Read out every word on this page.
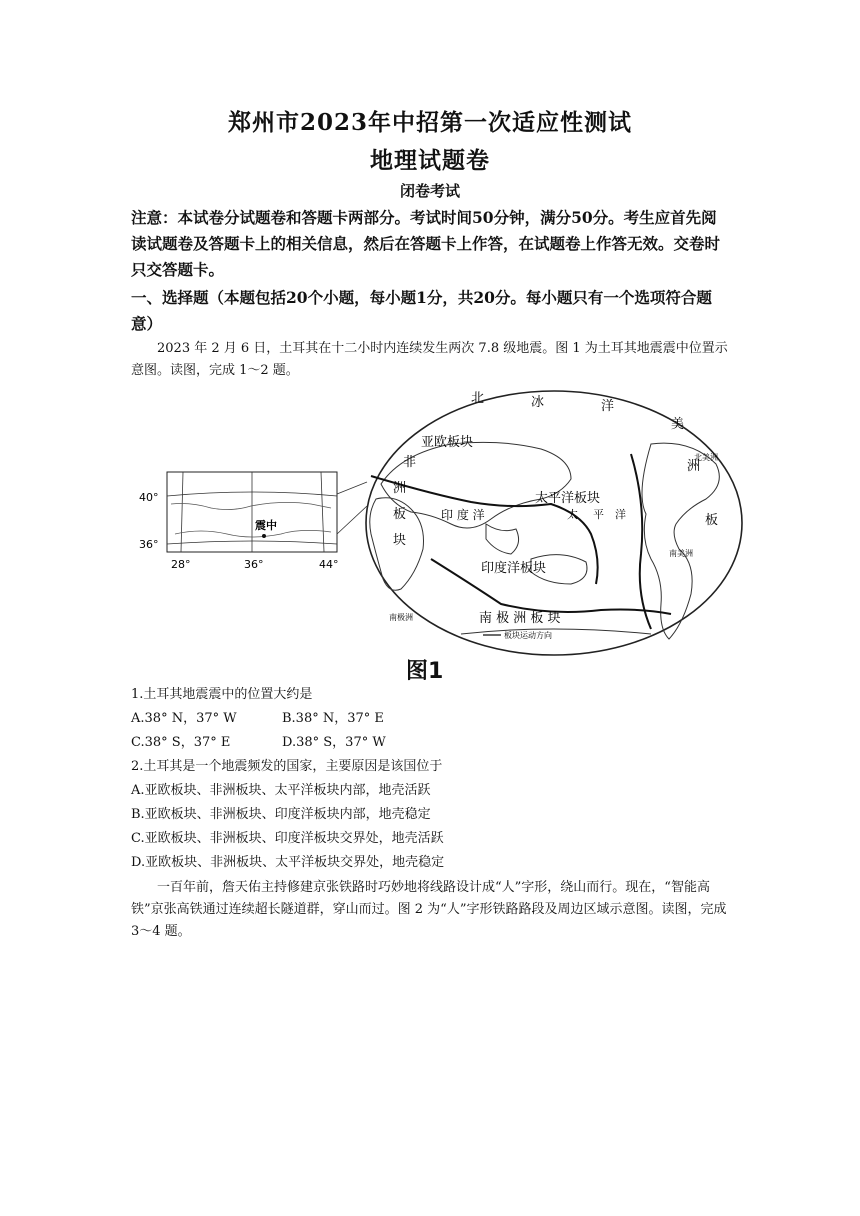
郑州市2023年中招第一次适应性测试
地理试题卷
闭卷考试
注意：本试卷分试题卷和答题卡两部分。考试时间50分钟，满分50分。考生应首先阅读试题卷及答题卡上的相关信息，然后在答题卡上作答，在试题卷上作答无效。交卷时只交答题卡。
一、选择题（本题包括20个小题，每小题1分，共20分。每小题只有一个选项符合题意）
2023 年 2 月 6 日，土耳其在十二小时内连续发生两次 7.8 级地震。图 1 为土耳其地震震中位置示意图。读图，完成 1～2 题。
40°
36°
28°	36°	44°
震中
亚欧板块
太平洋板块
印度洋板块
南 极 洲 板 块
印 度 洋
北	冰	洋
非
洲
板
块
美
洲
板
太 平 洋
北美洲
南美洲
南极洲
板块运动方向
图1
1.土耳其地震震中的位置大约是
A.38° N，37° W	B.38° N，37° E
C.38° S，37° E	D.38° S，37° W
2.土耳其是一个地震频发的国家，主要原因是该国位于
A.亚欧板块、非洲板块、太平洋板块内部，地壳活跃
B.亚欧板块、非洲板块、印度洋板块内部，地壳稳定
C.亚欧板块、非洲板块、印度洋板块交界处，地壳活跃
D.亚欧板块、非洲板块、太平洋板块交界处，地壳稳定
一百年前，詹天佑主持修建京张铁路时巧妙地将线路设计成“人”字形，绕山而行。现在，“智能高铁”京张高铁通过连续超长隧道群，穿山而过。图 2 为“人”字形铁路路段及周边区域示意图。读图，完成 3～4 题。
